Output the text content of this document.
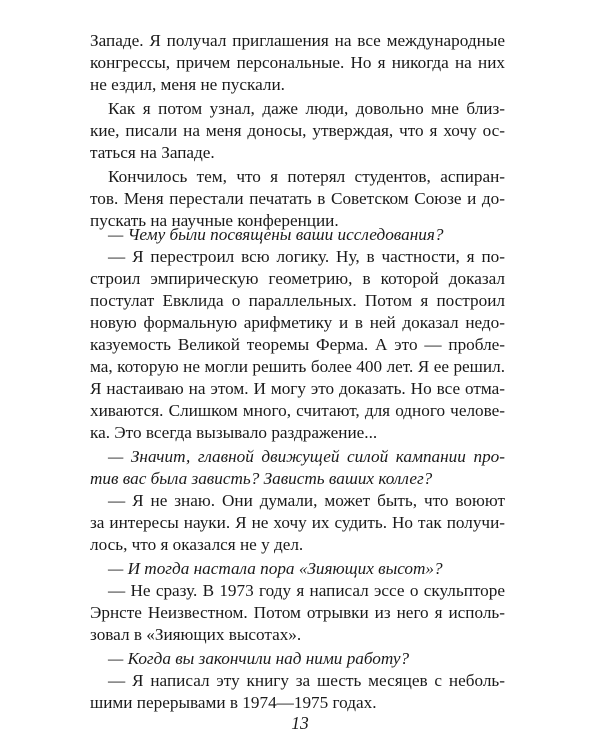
Западе. Я получал приглашения на все международные
конгрессы, причем персональные. Но я никогда на них
не ездил, меня не пускали.
Как я потом узнал, даже люди, довольно мне близ-
кие, писали на меня доносы, утверждая, что я хочу ос-
таться на Западе.
Кончилось тем, что я потерял студентов, аспиран-
тов. Меня перестали печатать в Советском Союзе и до-
пускать на научные конференции.
— Чему были посвящены ваши исследования?
— Я перестроил всю логику. Ну, в частности, я по-
строил эмпирическую геометрию, в которой доказал
постулат Евклида о параллельных. Потом я построил
новую формальную арифметику и в ней доказал недо-
казуемость Великой теоремы Ферма. А это — пробле-
ма, которую не могли решить более 400 лет. Я ее решил.
Я настаиваю на этом. И могу это доказать. Но все отма-
хиваются. Слишком много, считают, для одного челове-
ка. Это всегда вызывало раздражение...
— Значит, главной движущей силой кампании про-
тив вас была зависть? Зависть ваших коллег?
— Я не знаю. Они думали, может быть, что воюют
за интересы науки. Я не хочу их судить. Но так получи-
лось, что я оказался не у дел.
— И тогда настала пора «Зияющих высот»?
— Не сразу. В 1973 году я написал эссе о скульпторе
Эрнсте Неизвестном. Потом отрывки из него я исполь-
зовал в «Зияющих высотах».
13
— Когда вы закончили над ними работу?
— Я написал эту книгу за шесть месяцев с неболь-
шими перерывами в 1974—1975 годах.
